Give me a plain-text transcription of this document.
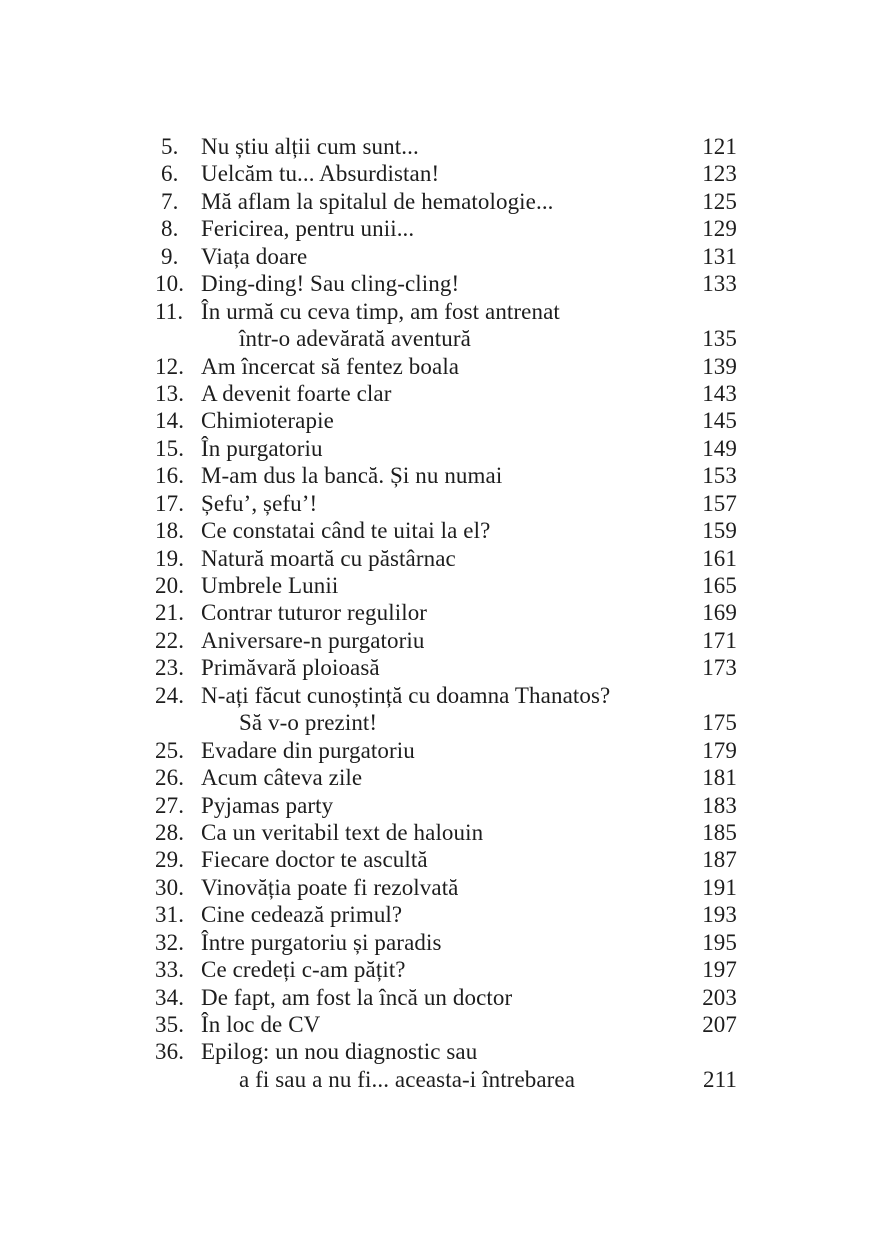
5. Nu știu alții cum sunt...	121
6. Uelcăm tu... Absurdistan!	123
7. Mă aflam la spitalul de hematologie...	125
8. Fericirea, pentru unii...	129
9. Viața doare	131
10. Ding-ding! Sau cling-cling!	133
11. În urmă cu ceva timp, am fost antrenat
într-o adevărată aventură	135
12. Am încercat să fentez boala	139
13. A devenit foarte clar	143
14. Chimioterapie	145
15. În purgatoriu	149
16. M-am dus la bancă. Și nu numai	153
17. Șefu’, șefu’!	157
18. Ce constatai când te uitai la el?	159
19. Natură moartă cu păstârnac	161
20. Umbrele Lunii	165
21. Contrar tuturor regulilor	169
22. Aniversare-n purgatoriu	171
23. Primăvară ploioasă	173
24. N-ați făcut cunoștință cu doamna Thanatos?
Să v-o prezint!	175
25. Evadare din purgatoriu	179
26. Acum câteva zile	181
27. Pyjamas party	183
28. Ca un veritabil text de halouin	185
29. Fiecare doctor te ascultă	187
30. Vinovăția poate fi rezolvată	191
31. Cine cedează primul?	193
32. Între purgatoriu și paradis	195
33. Ce credeți c-am pățit?	197
34. De fapt, am fost la încă un doctor	203
35. În loc de CV	207
36. Epilog: un nou diagnostic sau
a fi sau a nu fi... aceasta-i întrebarea	211
